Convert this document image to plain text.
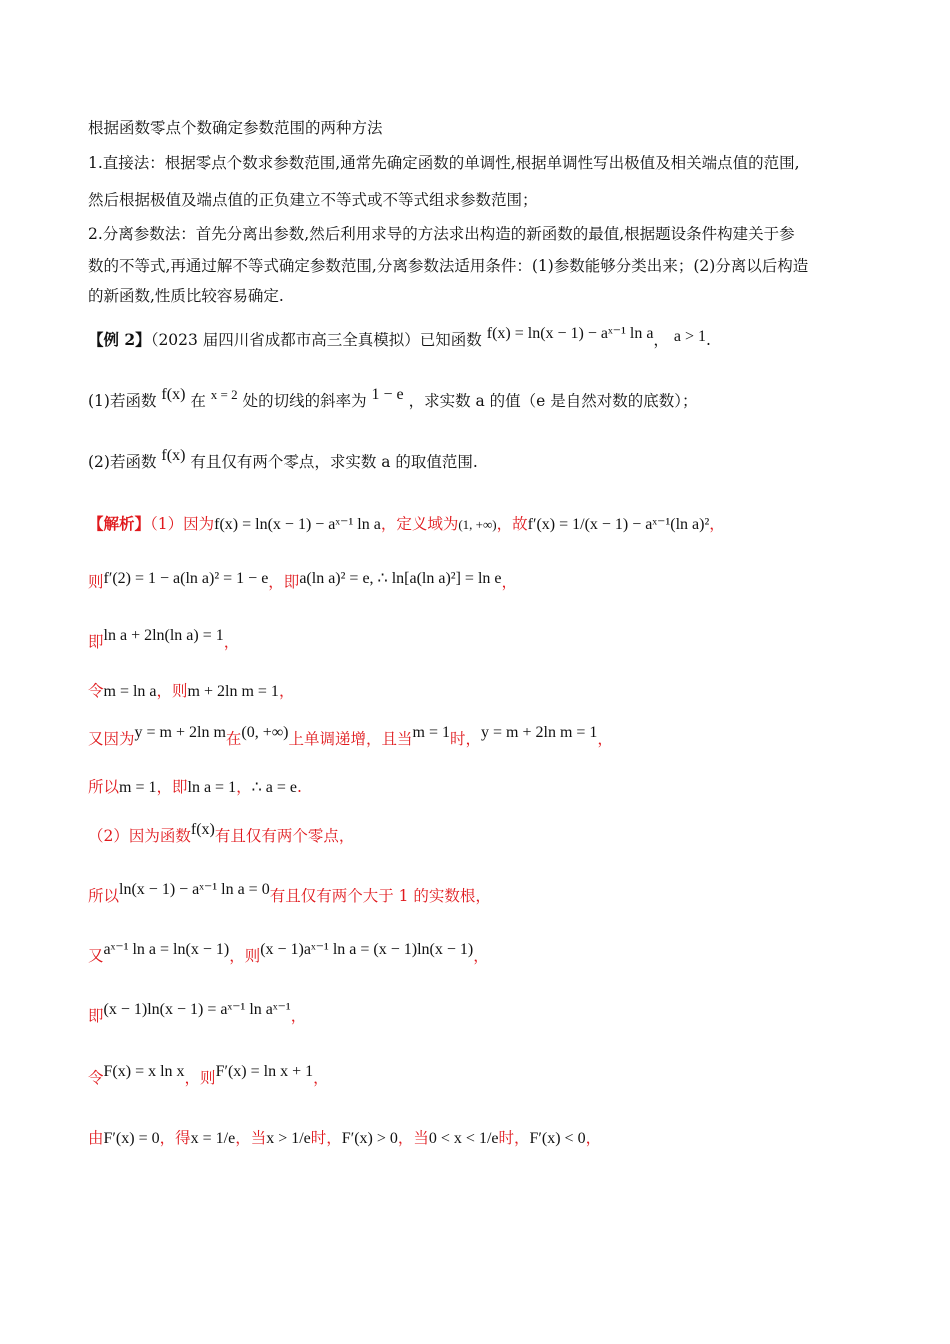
根据函数零点个数确定参数范围的两种方法
1.直接法：根据零点个数求参数范围,通常先确定函数的单调性,根据单调性写出极值及相关端点值的范围,
然后根据极值及端点值的正负建立不等式或不等式组求参数范围；
2.分离参数法：首先分离出参数,然后利用求导的方法求出构造的新函数的最值,根据题设条件构建关于参
数的不等式,再通过解不等式确定参数范围,分离参数法适用条件：(1)参数能够分类出来；(2)分离以后构造
的新函数,性质比较容易确定.
【例 2】（2023 届四川省成都市高三全真模拟）已知函数 f(x) = ln(x − 1) − aˣ⁻¹ ln a， a > 1.
(1)若函数 f(x) 在 $^{x = 2}$ 处的切线的斜率为 1 − e ，求实数 a 的值（e 是自然对数的底数）；
(2)若函数 f(x) 有且仅有两个零点，求实数 a 的取值范围.
【解析】（1）因为f(x) = ln(x − 1) − aˣ⁻¹ ln a，定义域为(1, +∞)，故f′(x) = 1/(x − 1) − aˣ⁻¹(ln a)²，
则f′(2) = 1 − a(ln a)² = 1 − e，即a(ln a)² = e, ∴ ln[a(ln a)²] = ln e，
即ln a + 2ln(ln a) = 1，
令m = ln a，则m + 2ln m = 1，
又因为y = m + 2ln m在(0, +∞)上单调递增，且当m = 1时，y = m + 2ln m = 1，
所以m = 1，即ln a = 1，∴ a = e.
（2）因为函数f(x)有且仅有两个零点，
所以ln(x − 1) − aˣ⁻¹ ln a = 0有且仅有两个大于 1 的实数根，
又aˣ⁻¹ ln a = ln(x − 1)，则(x − 1)aˣ⁻¹ ln a = (x − 1)ln(x − 1)，
即(x − 1)ln(x − 1) = aˣ⁻¹ ln aˣ⁻¹，
令F(x) = x ln x，则F′(x) = ln x + 1，
由F′(x) = 0，得x = 1/e，当x > 1/e时，F′(x) > 0，当0 < x < 1/e时，F′(x) < 0，
